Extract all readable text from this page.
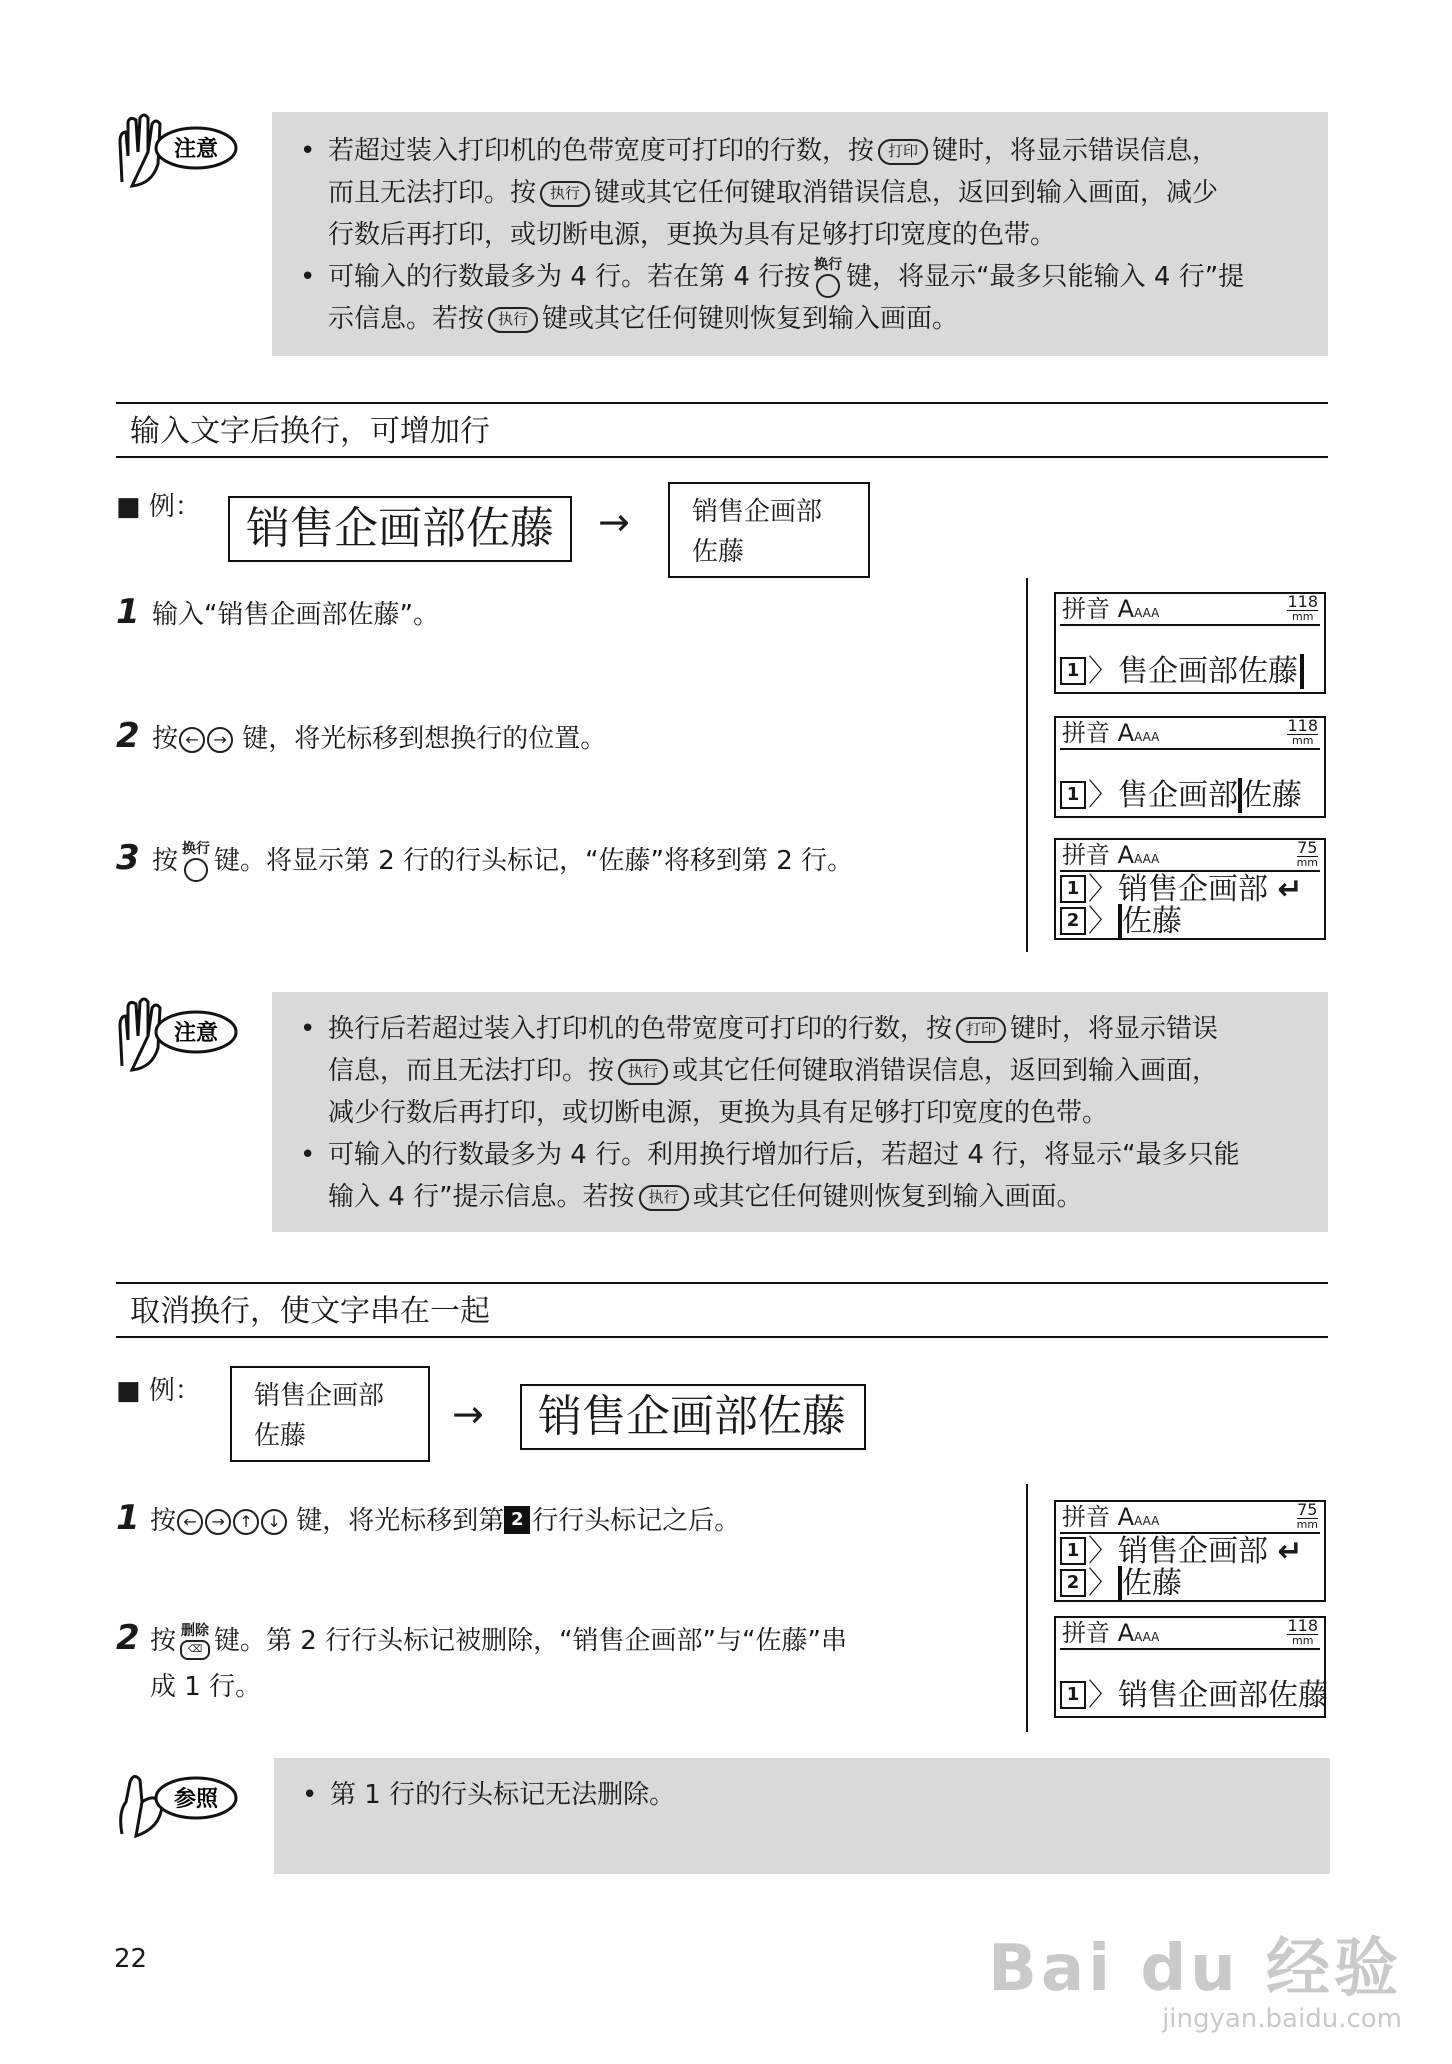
注意	• 若超过装入打印机的色带宽度可打印的行数，按 打印 键时，将显示错误信息，
而且无法打印。按 执行 键或其它任何键取消错误信息，返回到输入画面，减少
行数后再打印，或切断电源，更换为具有足够打印宽度的色带。
• 可输入的行数最多为 4 行。若在第 4 行按 换行 键，将显示“最多只能输入 4 行”提
示信息。若按 执行 键或其它任何键则恢复到输入画面。
输入文字后换行，可增加行
■ 例：	销售企画部佐藤	→ 销售企画部
佐藤
1 输入“销售企画部佐藤”。
2 按 ← → 键，将光标移到想换行的位置。
3 按 换行 键。将显示第 2 行的行头标记，“佐藤”将移到第 2 行。
拼音 AAAA
118
mm
1 〉售企画部佐藤
拼音 AAAA
118
mm
1 〉售企画部 佐藤
拼音 AAAA
75
mm
1 〉销售企画部 ↵
2 〉 佐藤
注意	• 换行后若超过装入打印机的色带宽度可打印的行数，按 打印 键时，将显示错误
信息，而且无法打印。按 执行 或其它任何键取消错误信息，返回到输入画面，
减少行数后再打印，或切断电源，更换为具有足够打印宽度的色带。
• 可输入的行数最多为 4 行。利用换行增加行后，若超过 4 行，将显示“最多只能
输入 4 行”提示信息。若按 执行 或其它任何键则恢复到输入画面。
取消换行，使文字串在一起
■ 例： 销售企画部
佐藤	→	销售企画部佐藤
1 按 ← → ↑ ↓ 键，将光标移到第 2 行行头标记之后。
2 按 删除
⌫ 键。第 2 行行头标记被删除，“销售企画部”与“佐藤”串
成 1 行。
拼音 AAAA
75
mm
1 〉销售企画部 ↵
2 〉 佐藤
拼音 AAAA
118
mm
1 〉销售企画部佐藤
参照	• 第 1 行的行头标记无法删除。
22	Bai du 经验
jingyan.baidu.com
